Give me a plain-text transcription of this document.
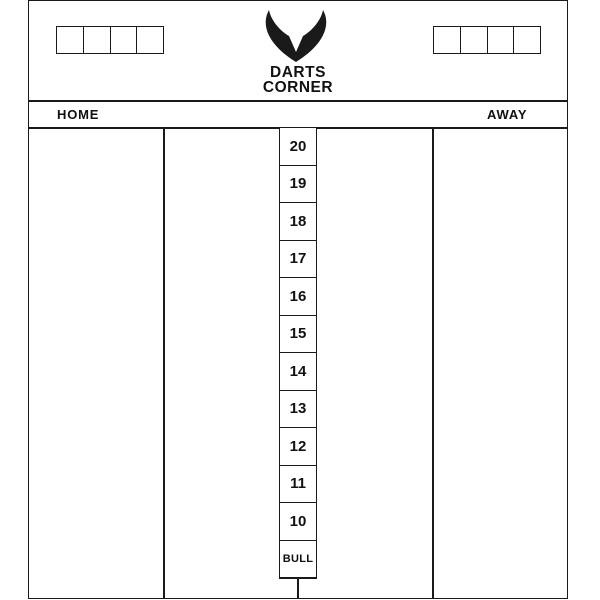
DARTS
CORNER
HOME	AWAY
20
19
18
17
16
15
14
13
12
11
10
BULL
